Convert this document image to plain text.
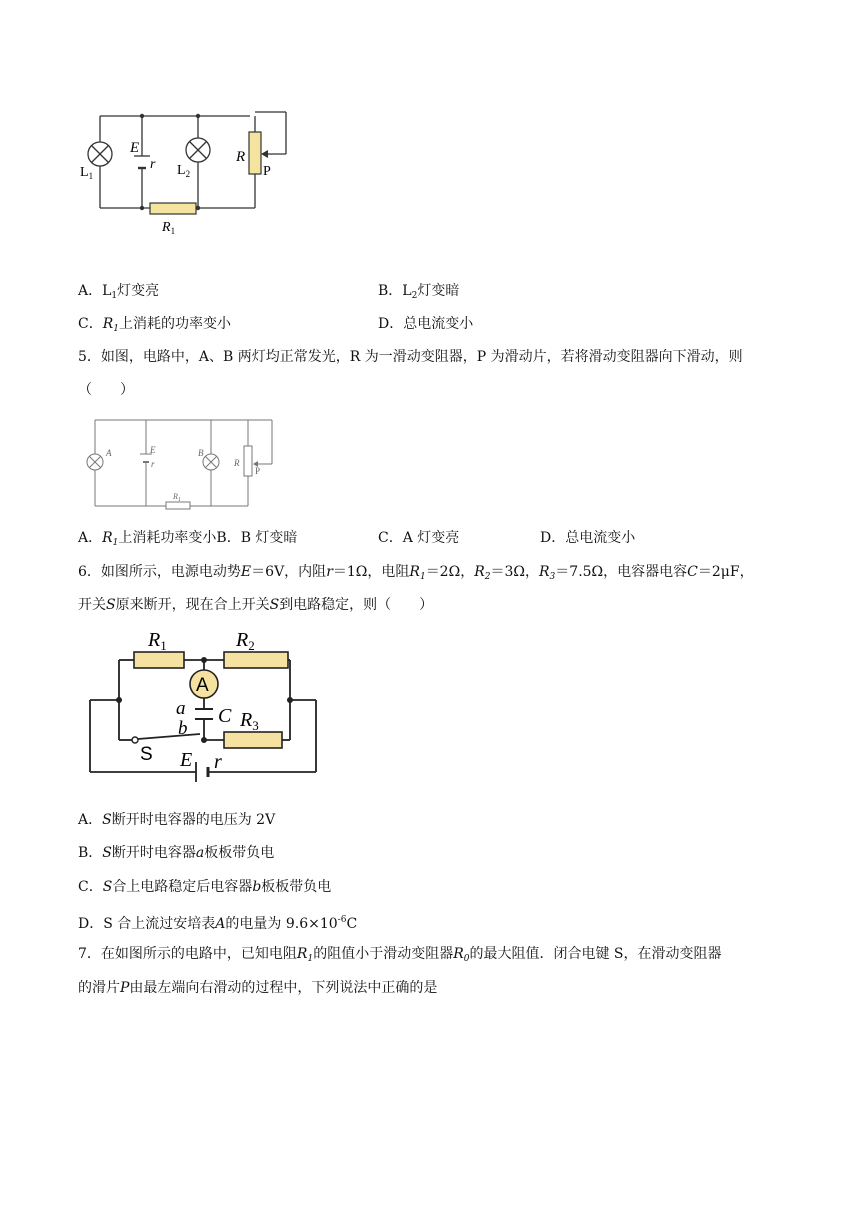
E
r
$L_1$	$L_2$
R
P
$R_1$
A．$L_1$灯变亮	B．$L_2$灯变暗
C．$R_1$上消耗的功率变小	D．总电流变小
5．如图，电路中，A、B 两灯均正常发光，R 为一滑动变阻器，P 为滑动片，若将滑动变阻器向下滑动，则
（　　）
A	E
r
B
R
P
$R_1$
A．$R_1$上消耗功率变小B．B 灯变暗	C．A 灯变亮	D．总电流变小
6．如图所示，电源电动势E＝6V，内阻r＝1Ω，电阻$R_1=2\Omega$，$R_2=3\Omega$，$R_3=7.5\Omega$，电容器电容C＝2μF，
开关S原来断开，现在合上开关S到电路稳定，则（　　）
$R_1$	$R_2$
A
a C
b	$R_3$
S E r
A．S断开时电容器的电压为 2V
B．S断开时电容器a板板带负电
C．S合上电路稳定后电容器b板板带负电
D．S 合上流过安培表A的电量为 $9.6\times 10^{-6}C$
7．在如图所示的电路中，已知电阻$R_1$的阻值小于滑动变阻器$R_0$的最大阻值．闭合电键 S，在滑动变阻器
的滑片P由最左端向右滑动的过程中，下列说法中正确的是
